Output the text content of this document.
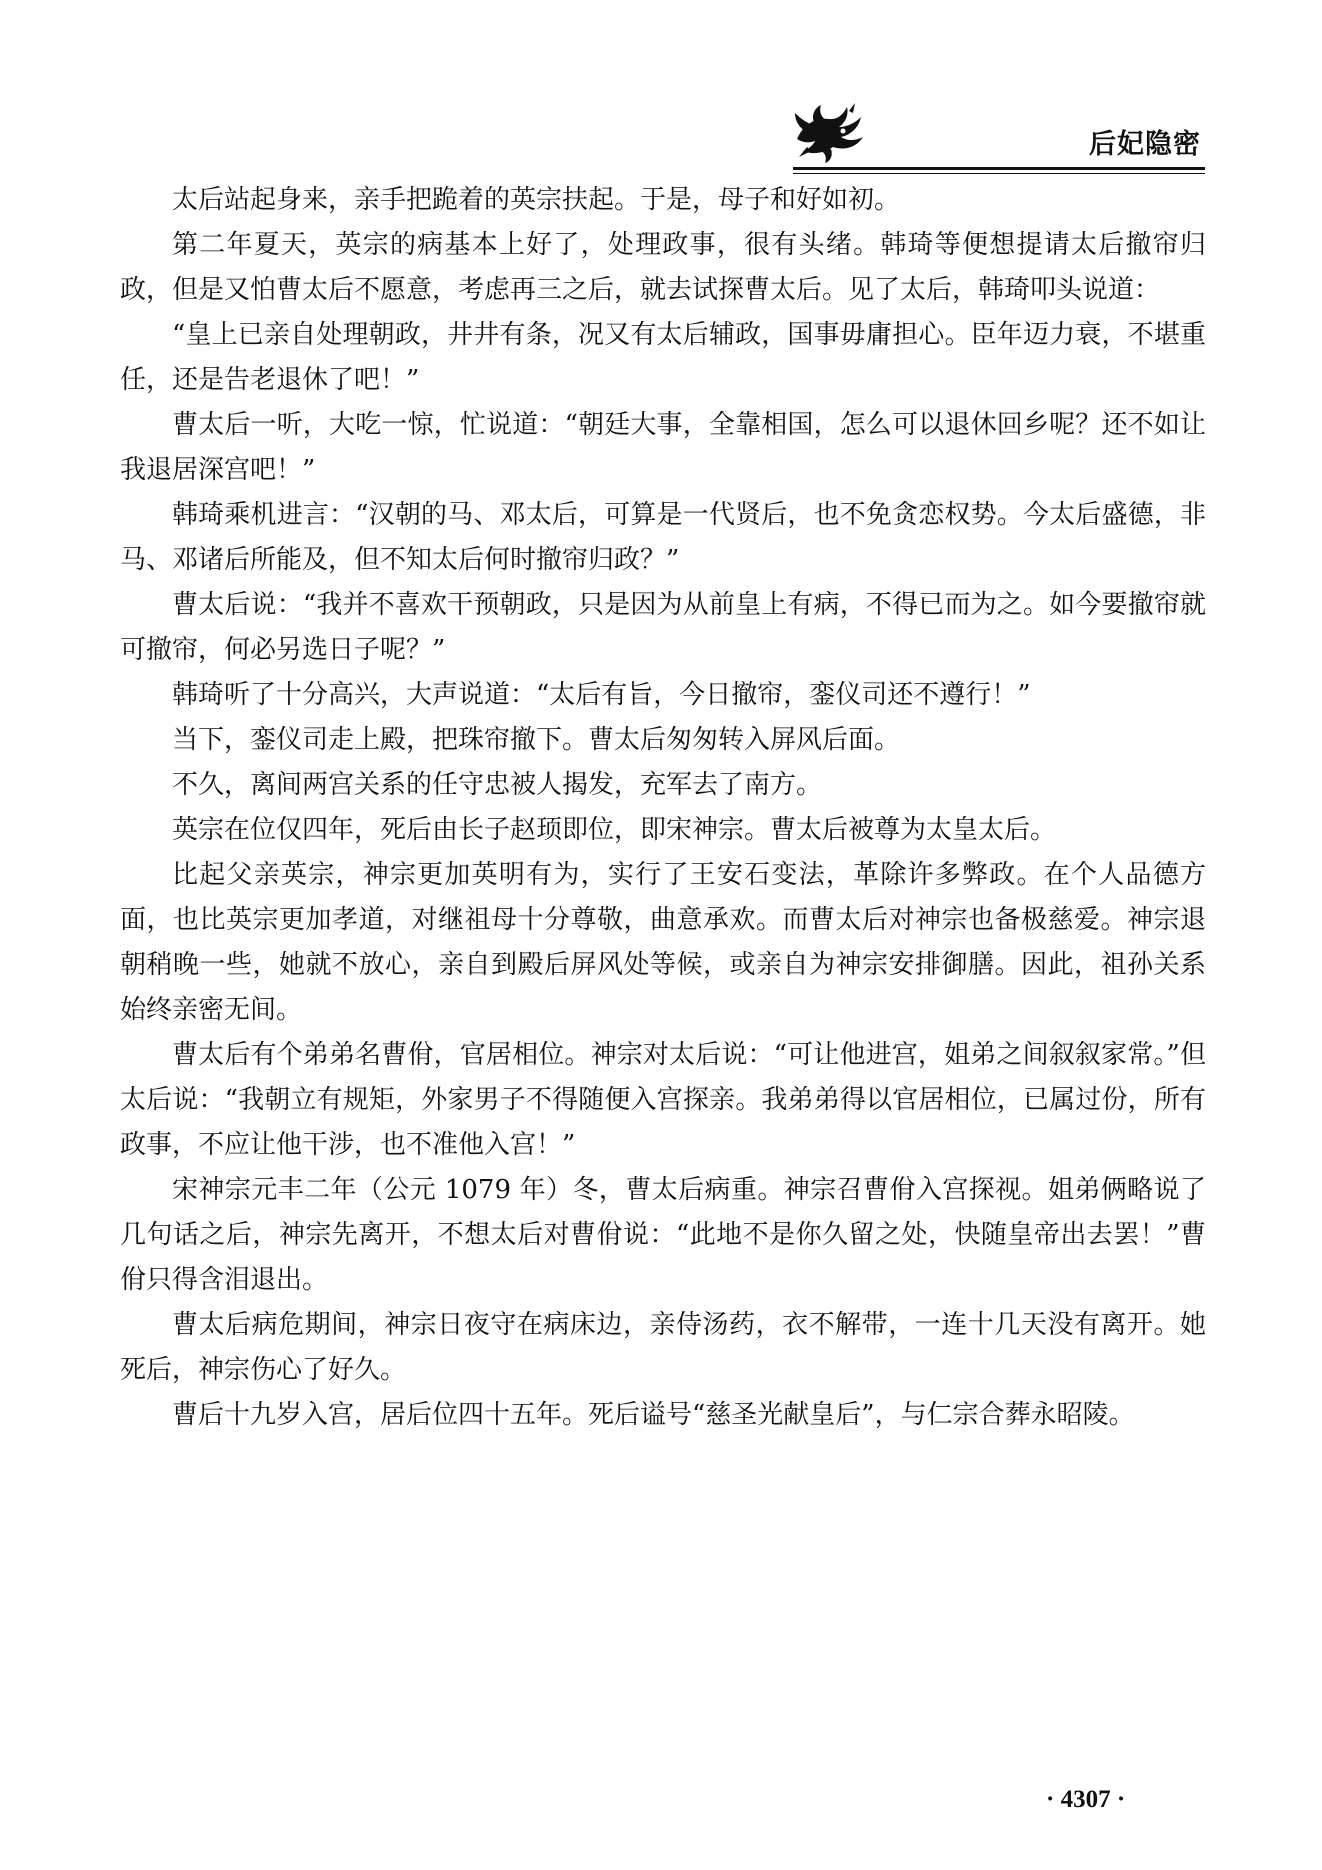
后妃隐密

太后站起身来，亲手把跪着的英宗扶起。于是，母子和好如初。

第二年夏天，英宗的病基本上好了，处理政事，很有头绪。韩琦等便想提请太后撤帘归政，但是又怕曹太后不愿意，考虑再三之后，就去试探曹太后。见了太后，韩琦叩头说道：

“皇上已亲自处理朝政，井井有条，况又有太后辅政，国事毋庸担心。臣年迈力衰，不堪重任，还是告老退休了吧！”

曹太后一听，大吃一惊，忙说道：“朝廷大事，全靠相国，怎么可以退休回乡呢？还不如让我退居深宫吧！”

韩琦乘机进言：“汉朝的马、邓太后，可算是一代贤后，也不免贪恋权势。今太后盛德，非马、邓诸后所能及，但不知太后何时撤帘归政？”

曹太后说：“我并不喜欢干预朝政，只是因为从前皇上有病，不得已而为之。如今要撤帘就可撤帘，何必另选日子呢？”

韩琦听了十分高兴，大声说道：“太后有旨，今日撤帘，銮仪司还不遵行！”

当下，銮仪司走上殿，把珠帘撤下。曹太后匆匆转入屏风后面。

不久，离间两宫关系的任守忠被人揭发，充军去了南方。

英宗在位仅四年，死后由长子赵顼即位，即宋神宗。曹太后被尊为太皇太后。

比起父亲英宗，神宗更加英明有为，实行了王安石变法，革除许多弊政。在个人品德方面，也比英宗更加孝道，对继祖母十分尊敬，曲意承欢。而曹太后对神宗也备极慈爱。神宗退朝稍晚一些，她就不放心，亲自到殿后屏风处等候，或亲自为神宗安排御膳。因此，祖孙关系始终亲密无间。

曹太后有个弟弟名曹佾，官居相位。神宗对太后说：“可让他进宫，姐弟之间叙叙家常。”但太后说：“我朝立有规矩，外家男子不得随便入宫探亲。我弟弟得以官居相位，已属过份，所有政事，不应让他干涉，也不准他入宫！”

宋神宗元丰二年（公元 1079 年）冬，曹太后病重。神宗召曹佾入宫探视。姐弟俩略说了几句话之后，神宗先离开，不想太后对曹佾说：“此地不是你久留之处，快随皇帝出去罢！”曹佾只得含泪退出。

曹太后病危期间，神宗日夜守在病床边，亲侍汤药，衣不解带，一连十几天没有离开。她死后，神宗伤心了好久。

曹后十九岁入宫，居后位四十五年。死后谥号“慈圣光献皇后”，与仁宗合葬永昭陵。

· 4307 ·
